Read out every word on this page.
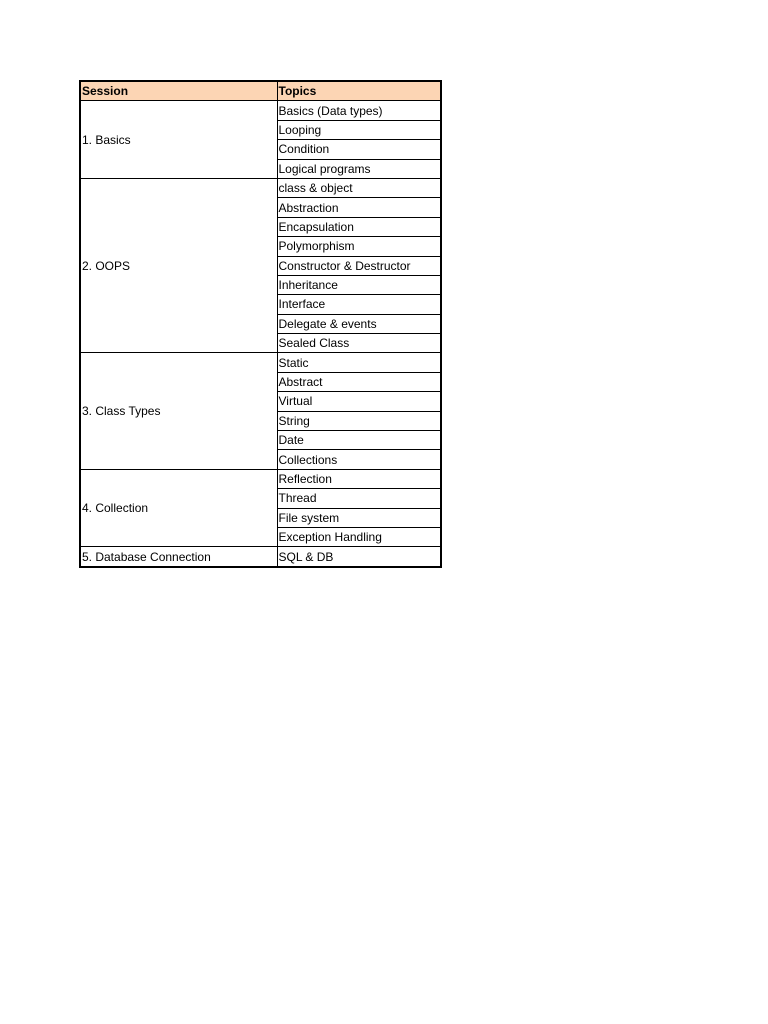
Session	Topics
1. Basics	Basics (Data types)
	Looping
	Condition
	Logical programs
2. OOPS	class & object
	Abstraction
	Encapsulation
	Polymorphism
	Constructor & Destructor
	Inheritance
	Interface
	Delegate & events
	Sealed Class
3. Class Types	Static
	Abstract
	Virtual
	String
	Date
	Collections
4. Collection	Reflection
	Thread
	File system
	Exception Handling
5. Database Connection	SQL & DB
